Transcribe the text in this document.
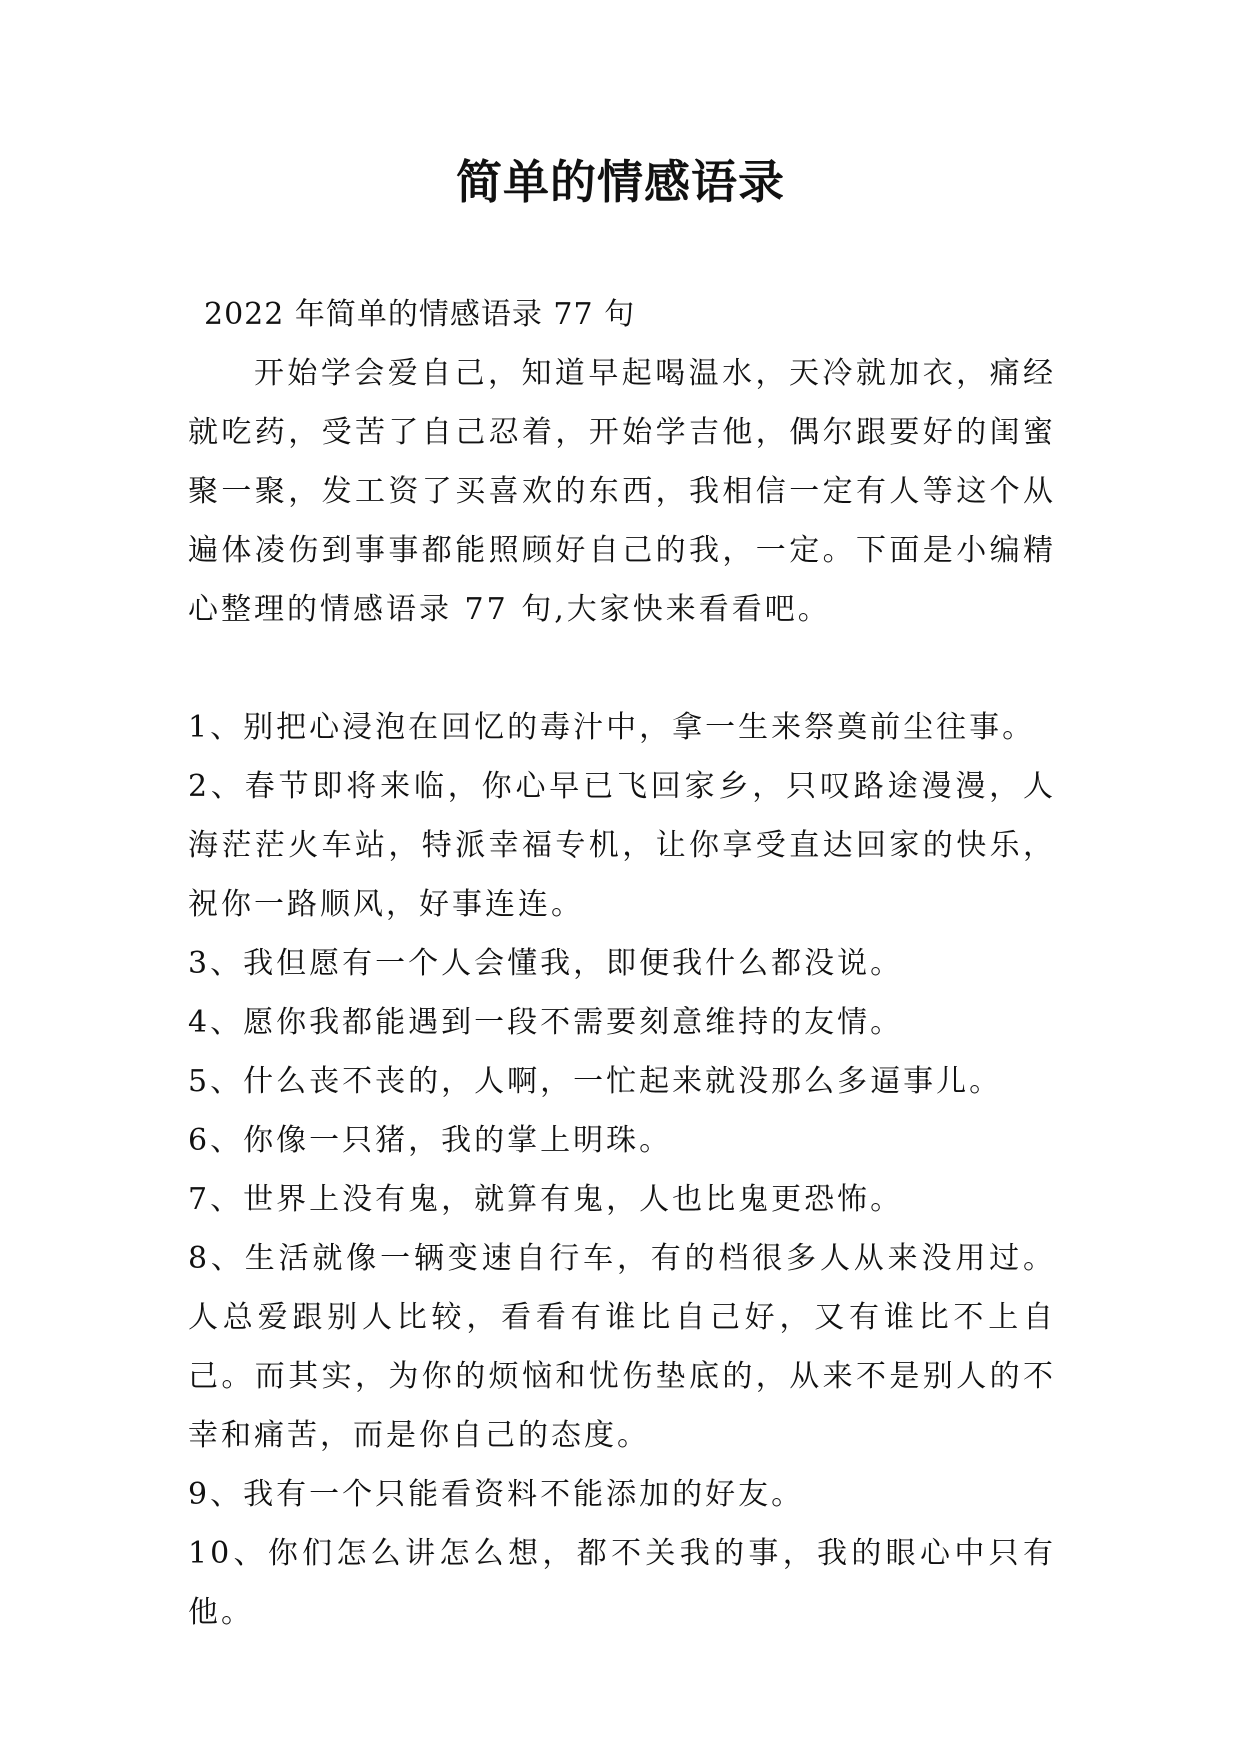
简单的情感语录

2022 年简单的情感语录 77 句

开始学会爱自己，知道早起喝温水，天冷就加衣，痛经就吃药，受苦了自己忍着，开始学吉他，偶尔跟要好的闺蜜聚一聚，发工资了买喜欢的东西，我相信一定有人等这个从遍体凌伤到事事都能照顾好自己的我，一定。下面是小编精心整理的情感语录 77 句,大家快来看看吧。

1、别把心浸泡在回忆的毒汁中，拿一生来祭奠前尘往事。
2、春节即将来临，你心早已飞回家乡，只叹路途漫漫，人海茫茫火车站，特派幸福专机，让你享受直达回家的快乐，祝你一路顺风，好事连连。
3、我但愿有一个人会懂我，即便我什么都没说。
4、愿你我都能遇到一段不需要刻意维持的友情。
5、什么丧不丧的，人啊，一忙起来就没那么多逼事儿。
6、你像一只猪，我的掌上明珠。
7、世界上没有鬼，就算有鬼，人也比鬼更恐怖。
8、生活就像一辆变速自行车，有的档很多人从来没用过。人总爱跟别人比较，看看有谁比自己好，又有谁比不上自己。而其实，为你的烦恼和忧伤垫底的，从来不是别人的不幸和痛苦，而是你自己的态度。
9、我有一个只能看资料不能添加的好友。
10、你们怎么讲怎么想，都不关我的事，我的眼心中只有他。
